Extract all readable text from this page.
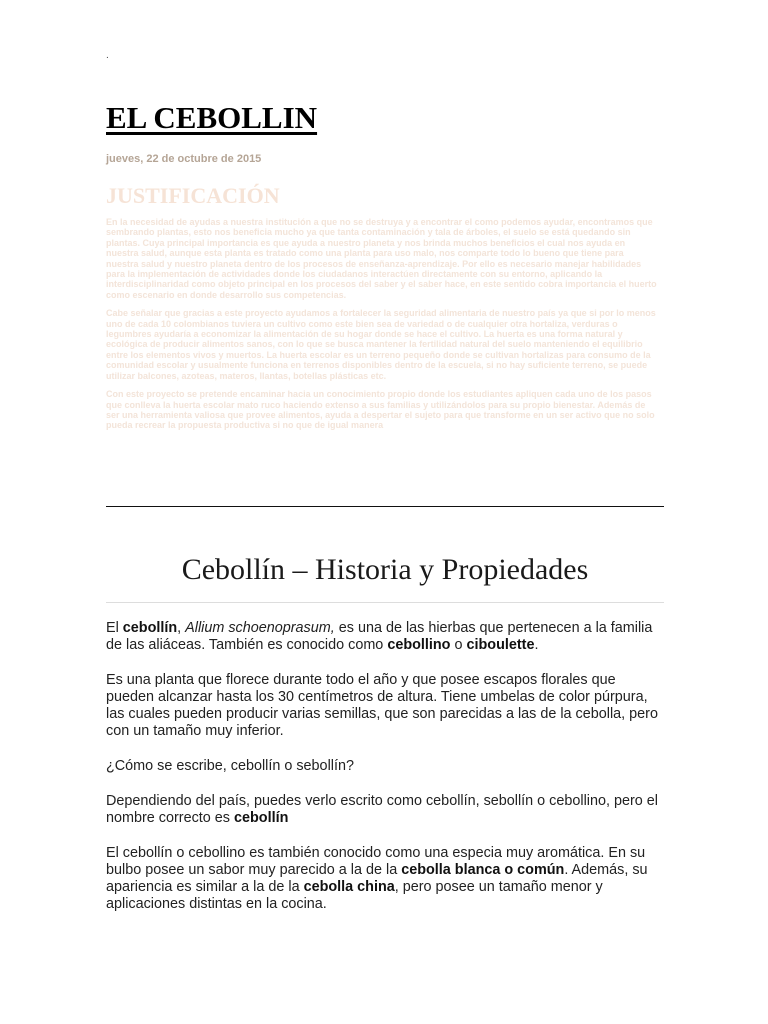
.
EL CEBOLLIN
jueves, 22 de octubre de 2015
JUSTIFICACIÓN

En la necesidad de ayudas a nuestra institución a que no se destruya y a encontrar el como podemos ayudar, encontramos que sembrando plantas, esto nos beneficia mucho ya que tanta contaminación y tala de árboles, el suelo se está quedando sin plantas. Cuya principal importancia es que ayuda a nuestro planeta y nos brinda muchos beneficios el cual nos ayuda en nuestra salud, aunque esta planta es tratado como una planta para uso malo, nos comparte todo lo bueno que tiene para nuestra salud y nuestro planeta dentro de los procesos de enseñanza-aprendizaje. Por ello es necesario manejar habilidades para la implementación de actividades donde los ciudadanos interactúen directamente con su entorno, aplicando la interdisciplinaridad como objeto principal en los procesos del saber y el saber hace, en este sentido cobra importancia el huerto como escenario en donde desarrollo sus competencias.

Cabe señalar que gracias a este proyecto ayudamos a fortalecer la seguridad alimentaria de nuestro país ya que si por lo menos uno de cada 10 colombianos tuviera un cultivo como este bien sea de variedad o de cualquier otra hortaliza, verduras o legumbres ayudaría a economizar la alimentación de su hogar donde se hace el cultivo. La huerta es una forma natural y ecológica de producir alimentos sanos, con lo que se busca mantener la fertilidad natural del suelo manteniendo el equilibrio entre los elementos vivos y muertos. La huerta escolar es un terreno pequeño donde se cultivan hortalizas para consumo de la comunidad escolar y usualmente funciona en terrenos disponibles dentro de la escuela, si no hay suficiente terreno, se puede utilizar balcones, azoteas, materos, llantas, botellas plásticas etc.

Con este proyecto se pretende encaminar hacia un conocimiento propio donde los estudiantes apliquen cada uno de los pasos que conlleva la huerta escolar mato ruco haciendo extenso a sus familias y utilizándolos para su propio bienestar. Además de ser una herramienta valiosa que provee alimentos, ayuda a despertar el sujeto para que transforme en un ser activo que no solo pueda recrear la propuesta productiva si no que de igual manera

Cebollín – Historia y Propiedades

El cebollín, Allium schoenoprasum, es una de las hierbas que pertenecen a la familia de las aliáceas. También es conocido como cebollino o ciboulette.

Es una planta que florece durante todo el año y que posee escapos florales que pueden alcanzar hasta los 30 centímetros de altura. Tiene umbelas de color púrpura, las cuales pueden producir varias semillas, que son parecidas a las de la cebolla, pero con un tamaño muy inferior.

¿Cómo se escribe, cebollín o sebollín?

Dependiendo del país, puedes verlo escrito como cebollín, sebollín o cebollino, pero el nombre correcto es cebollín

El cebollín o cebollino es también conocido como una especia muy aromática. En su bulbo posee un sabor muy parecido a la de la cebolla blanca o común. Además, su apariencia es similar a la de la cebolla china, pero posee un tamaño menor y aplicaciones distintas en la cocina.
